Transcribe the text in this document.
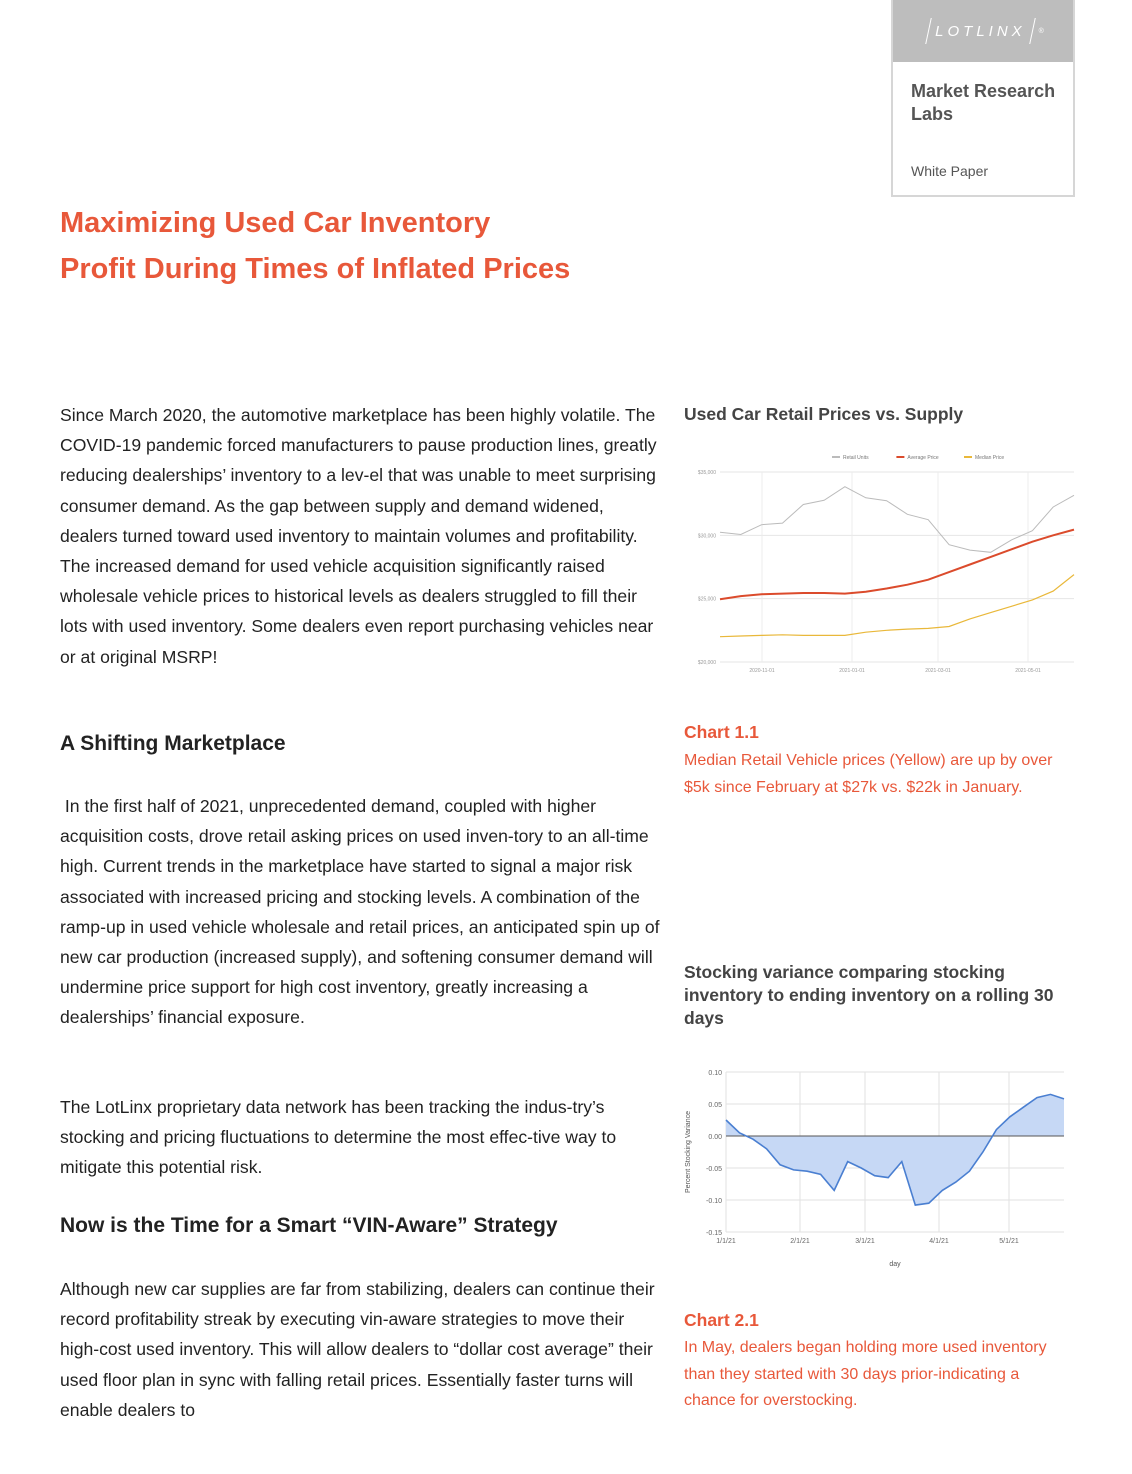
LOTLINX ®
Market Research Labs
White Paper
Maximizing Used Car Inventory
Profit During Times of Inflated Prices

Since March 2020, the automotive marketplace has been highly volatile. The COVID-19 pandemic forced manufacturers to pause production lines, greatly reducing dealerships’ inventory to a lev-el that was unable to meet surprising consumer demand. As the gap between supply and demand widened, dealers turned toward used inventory to maintain volumes and profitability. The increased demand for used vehicle acquisition significantly raised wholesale vehicle prices to historical levels as dealers struggled to fill their lots with used inventory. Some dealers even report purchasing vehicles near or at original MSRP!

A Shifting Marketplace

In the first half of 2021, unprecedented demand, coupled with higher acquisition costs, drove retail asking prices on used inven-tory to an all-time high. Current trends in the marketplace have started to signal a major risk associated with increased pricing and stocking levels. A combination of the ramp-up in used vehicle wholesale and retail prices, an anticipated spin up of new car production (increased supply), and softening consumer demand will undermine price support for high cost inventory, greatly increasing a dealerships’ financial exposure.

The LotLinx proprietary data network has been tracking the indus-try’s stocking and pricing fluctuations to determine the most effec-tive way to mitigate this potential risk.

Now is the Time for a Smart “VIN-Aware” Strategy

Although new car supplies are far from stabilizing, dealers can continue their record profitability streak by executing vin-aware strategies to move their high-cost used inventory. This will allow dealers to “dollar cost average” their used floor plan in sync with falling retail prices. Essentially faster turns will enable dealers to

Used Car Retail Prices vs. Supply
Retail Units	Average Price	Median Price
$35,000
$30,000
$25,000
$20,000
2020-11-01	2021-01-01	2021-03-01	2021-05-01
Chart 1.1
Median Retail Vehicle prices (Yellow) are up by over $5k since February at $27k vs. $22k in January.
Stocking variance comparing stocking inventory to ending inventory on a rolling 30 days
0.10
0.05
0.00
-0.05
-0.10
-0.15
1/1/21	2/1/21	3/1/21	4/1/21	5/1/21
Percent Stocking Variance
day
Chart 2.1
In May, dealers began holding more used inventory than they started with 30 days prior-indicating a chance for overstocking.
